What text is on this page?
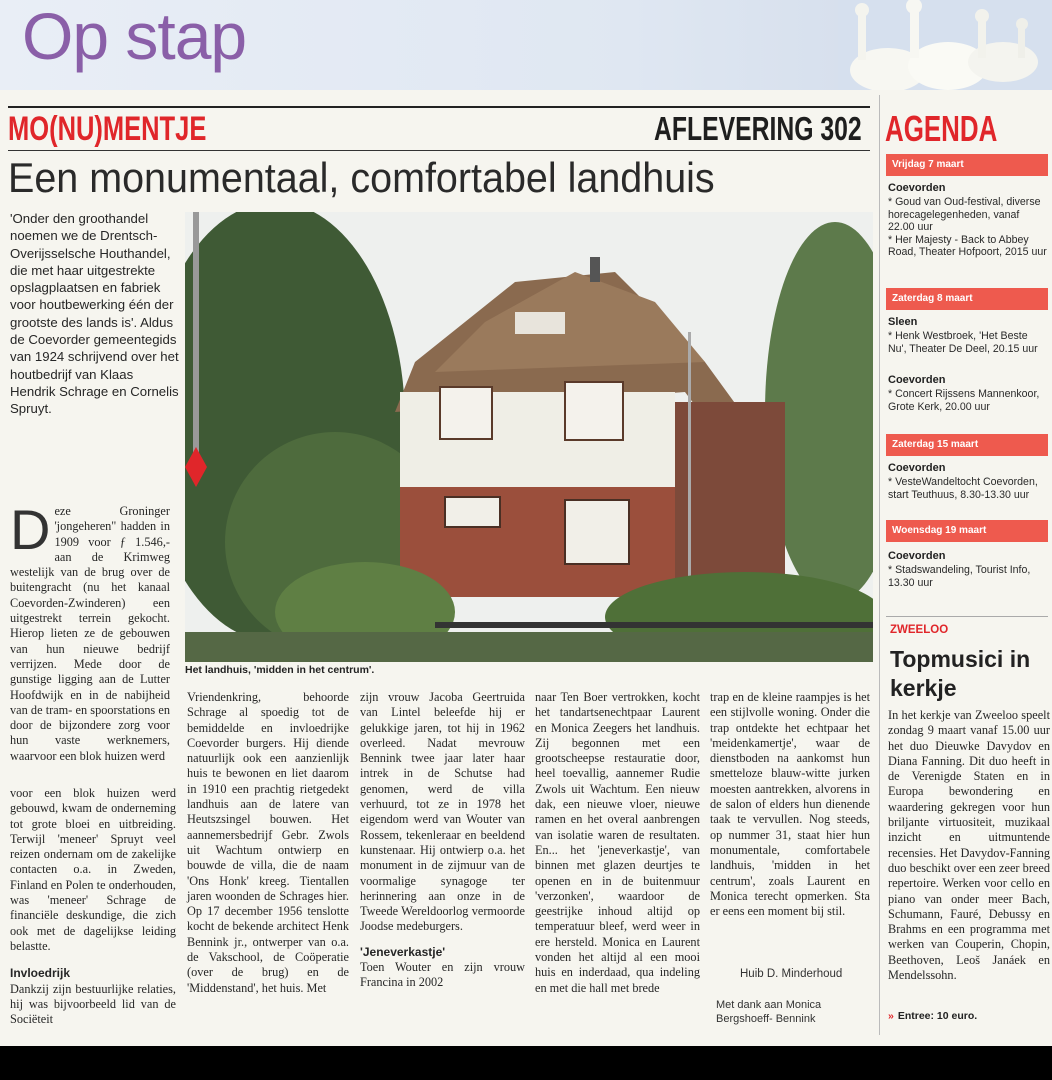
Op stap
MO(NU)MENTJE	AFLEVERING 302
Een monumentaal, comfortabel landhuis
'Onder den groothandel noemen we de Drentsch-Overijsselsche Houthandel, die met haar uitgestrekte opslagplaatsen en fabriek voor houtbewerking één der grootste des lands is'. Aldus de Coevorder gemeentegids van 1924 schrijvend over het houtbedrijf van Klaas Hendrik Schrage en Cornelis Spruyt.
Het landhuis, 'midden in het centrum'.
D eze Groninger 'jongeheren" hadden in 1909 voor ƒ 1.546,- aan de Krimweg westelijk van de brug over de buitengracht (nu het kanaal Coevorden-Zwinderen) een uitgestrekt terrein gekocht. Hierop lieten ze de gebouwen van hun nieuwe bedrijf verrijzen. Mede door de gunstige ligging aan de Lutter Hoofdwijk en in de nabijheid van de tram- en spoorstations en door de bijzondere zorg voor hun vaste werknemers, waarvoor een blok huizen werd

voor een blok huizen werd gebouwd, kwam de onderneming tot grote bloei en uitbreiding. Terwijl 'meneer' Spruyt veel reizen ondernam om de zakelijke contacten o.a. in Zweden, Finland en Polen te onderhouden, was 'meneer' Schrage de financiële deskundige, die zich ook met de dagelijkse leiding belastte.

Invloedrijk

Dankzij zijn bestuurlijke relaties, hij was bijvoorbeeld lid van de Sociëteit

Vriendenkring, behoorde Schrage al spoedig tot de bemiddelde en invloedrijke Coevorder burgers. Hij diende natuurlijk ook een aanzienlijk huis te bewonen en liet daarom in 1910 een prachtig rietgedekt landhuis aan de latere van Heutszsingel bouwen. Het aannemersbedrijf Gebr. Zwols uit Wachtum ontwierp en bouwde de villa, die de naam 'Ons Honk' kreeg. Tientallen jaren woonden de Schrages hier. Op 17 december 1956 tenslotte kocht de bekende architect Henk Bennink jr., ontwerper van o.a. de Vakschool, de Coöperatie (over de brug) en de 'Middenstand', het huis. Met

zijn vrouw Jacoba Geertruida van Lintel beleefde hij er gelukkige jaren, tot hij in 1962 overleed. Nadat mevrouw Bennink twee jaar later haar intrek in de Schutse had genomen, werd de villa verhuurd, tot ze in 1978 het eigendom werd van Wouter van Rossem, tekenleraar en beeldend kunstenaar. Hij ontwierp o.a. het monument in de zijmuur van de voormalige synagoge ter herinnering aan onze in de Tweede Wereldoorlog vermoorde Joodse medeburgers.

'Jeneverkastje'

Toen Wouter en zijn vrouw Francina in 2002

naar Ten Boer vertrokken, kocht het tandartsenechtpaar Laurent en Monica Zeegers het landhuis. Zij begonnen met een grootscheepse restauratie door, heel toevallig, aannemer Rudie Zwols uit Wachtum. Een nieuw dak, een nieuwe vloer, nieuwe ramen en het overal aanbrengen van isolatie waren de resultaten. En... het 'jeneverkastje', van binnen met glazen deurtjes te openen en in de buitenmuur 'verzonken', waardoor de geestrijke inhoud altijd op temperatuur bleef, werd weer in ere hersteld. Monica en Laurent vonden het altijd al een mooi huis en inderdaad, qua indeling en met die hall met brede

trap en de kleine raampjes is het een stijlvolle woning. Onder die trap ontdekte het echtpaar het 'meidenkamertje', waar de dienstboden na aankomst hun smetteloze blauw-witte jurken moesten aantrekken, alvorens in de salon of elders hun dienende taak te vervullen. Nog steeds, op nummer 31, staat hier hun monumentale, comfortabele landhuis, 'midden in het centrum', zoals Laurent en Monica terecht opmerken. Sta er eens een moment bij stil.

Huib D. Minderhoud
Met dank aan Monica Bergshoeff- Bennink
AGENDA
Vrijdag 7 maart
Coevorden
* Goud van Oud-festival, diverse horecagelegenheden, vanaf 22.00 uur
* Her Majesty - Back to Abbey Road, Theater Hofpoort, 2015 uur
Zaterdag 8 maart
Sleen
* Henk Westbroek, 'Het Beste Nu', Theater De Deel, 20.15 uur
Coevorden
* Concert Rijssens Mannenkoor, Grote Kerk, 20.00 uur
Zaterdag 15 maart
Coevorden
* VesteWandeltocht Coevorden, start Teuthuus, 8.30-13.30 uur
Woensdag 19 maart
Coevorden
* Stadswandeling, Tourist Info, 13.30 uur
ZWEELOO
Topmusici in kerkje
In het kerkje van Zweeloo speelt zondag 9 maart vanaf 15.00 uur het duo Dieuwke Davydov en Diana Fanning. Dit duo heeft in de Verenigde Staten en in Europa bewondering en waardering gekregen voor hun briljante virtuositeit, muzikaal inzicht en uitmuntende recensies. Het Davydov-Fanning duo beschikt over een zeer breed repertoire. Werken voor cello en piano van onder meer Bach, Schumann, Fauré, Debussy en Brahms en een programma met werken van Couperin, Chopin, Beethoven, Leoš Janáek en Mendelssohn.
» Entree: 10 euro.
